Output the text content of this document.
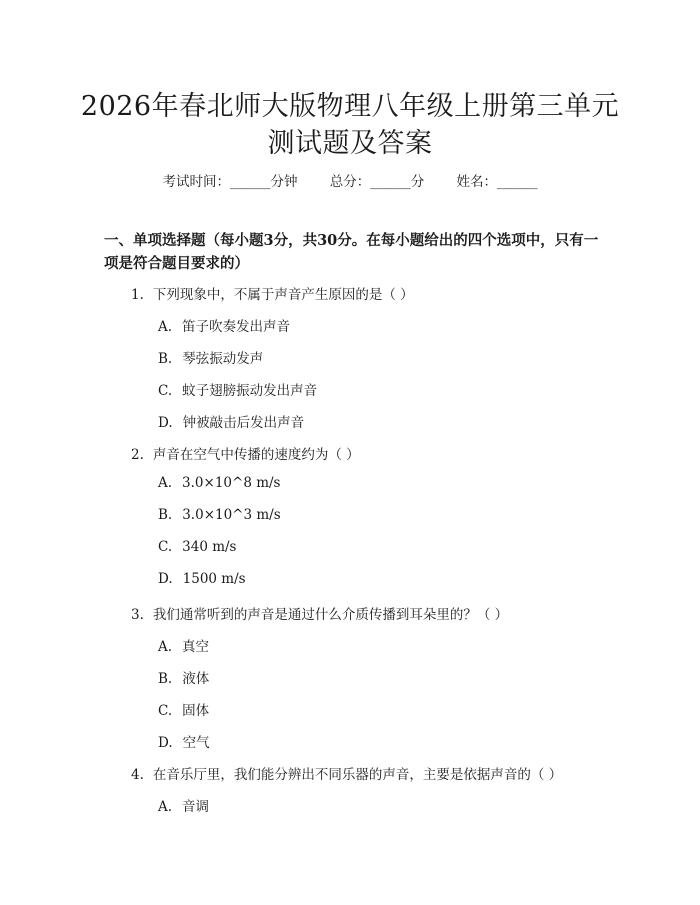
2026年春北师大版物理八年级上册第三单元
测试题及答案
考试时间：______分钟 总分：______分 姓名：______
一、单项选择题（每小题3分，共30分。在每小题给出的四个选项中，只有一项是符合题目要求的）
1. 下列现象中，不属于声音产生原因的是（ ）
A. 笛子吹奏发出声音
B. 琴弦振动发声
C. 蚊子翅膀振动发出声音
D. 钟被敲击后发出声音
2. 声音在空气中传播的速度约为（ ）
A. 3.0×10^8 m/s
B. 3.0×10^3 m/s
C. 340 m/s
D. 1500 m/s
3. 我们通常听到的声音是通过什么介质传播到耳朵里的？（ ）
A. 真空
B. 液体
C. 固体
D. 空气
4. 在音乐厅里，我们能分辨出不同乐器的声音，主要是依据声音的（ ）
A. 音调
